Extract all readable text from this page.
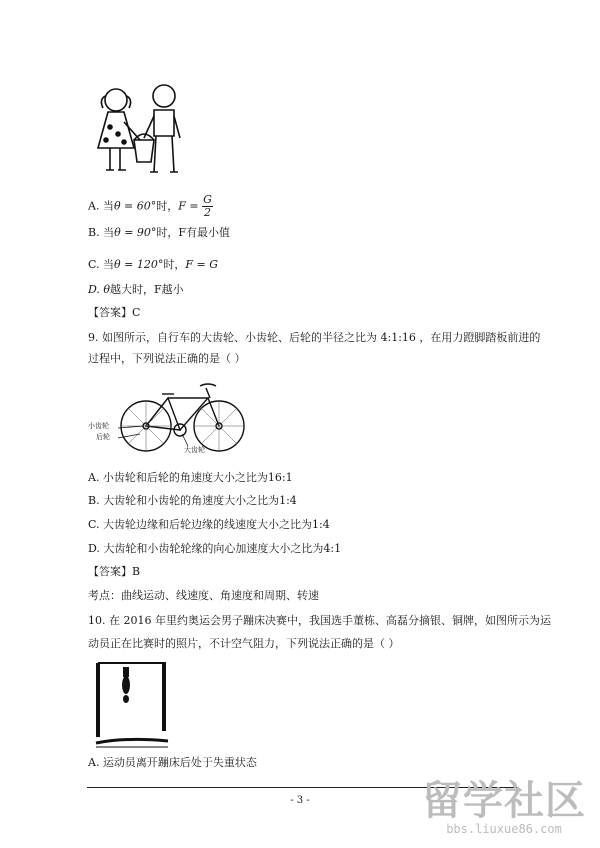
A. 当θ = 60°时，$F = \frac{G}{2}$
B. 当θ = 90°时，F有最小值
C. 当θ = 120°时，F = G
D. θ越大时，F越小
【答案】C
9. 如图所示，自行车的大齿轮、小齿轮、后轮的半径之比为 4:1:16 ，在用力蹬脚踏板前进的
过程中，下列说法正确的是（ ）
小齿轮
后轮
大齿轮
A. 小齿轮和后轮的角速度大小之比为16:1
B. 大齿轮和小齿轮的角速度大小之比为1:4
C. 大齿轮边缘和后轮边缘的线速度大小之比为1:4
D. 大齿轮和小齿轮轮缘的向心加速度大小之比为4:1
【答案】B
考点：曲线运动、线速度、角速度和周期、转速
10. 在 2016 年里约奥运会男子蹦床决赛中，我国选手董栋、高磊分摘银、铜牌，如图所示为运
动员正在比赛时的照片，不计空气阻力，下列说法正确的是（ ）
A. 运动员离开蹦床后处于失重状态
- 3 -	留学社区
bbs.liuxue86.com
